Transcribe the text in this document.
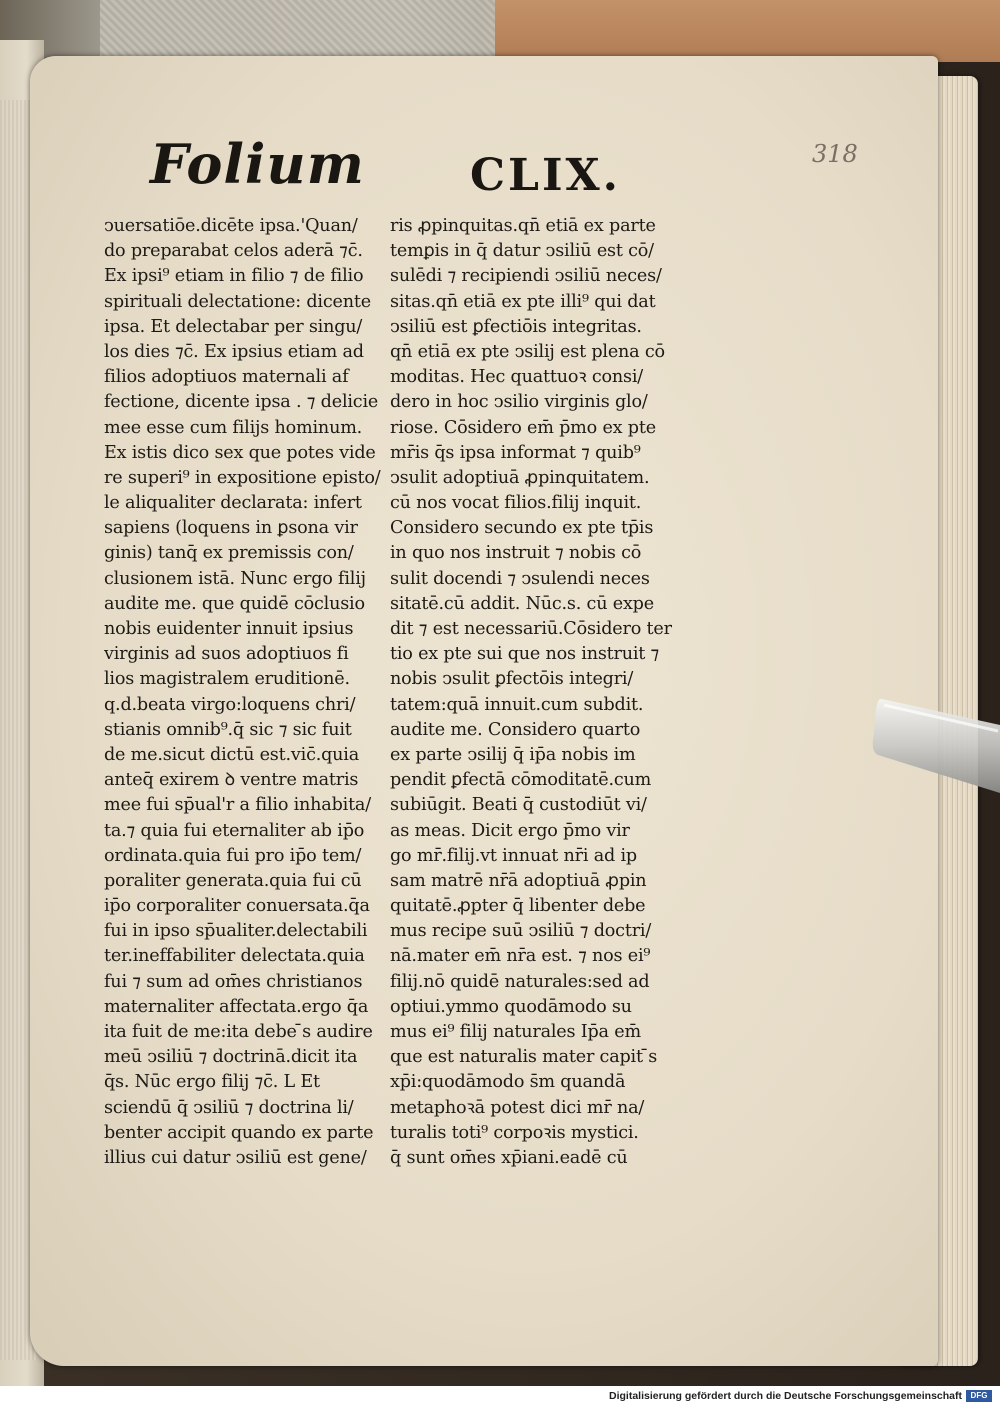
Folium CLIX.	318
ↄuersatiōe.dicēte ipsa.'Quan/
do preparabat celos aderā ⁊c̄.
Ex ipsi⁹ etiam in filio ⁊ de filio
spirituali delectatione: dicente
ipsa. Et delectabar per singu/
los dies ⁊c̄. Ex ipsius etiam ad
filios adoptiuos maternali af
fectione, dicente ipsa . ⁊ delicie
mee esse cum filijs hominum.
Ex istis dico sex que potes vide
re superi⁹ in expositione episto/
le aliqualiter declarata: infert
sapiens (loquens in ꝑsona vir
ginis) tanq̄ ex premissis con/
clusionem istā. Nunc ergo filij
audite me. que quidē cōclusio
nobis euidenter innuit ipsius
virginis ad suos adoptiuos fi
lios magistralem eruditionē.
q.d.beata virgo:loquens chri/
stianis omnib⁹.q̄ sic ⁊ sic fuit
de me.sicut dictū est.vic̄.quia
anteq̄ exirem ꝺ ventre matris
mee fui sp̄ual'r a filio inhabita/
ta.⁊ quia fui eternaliter ab ip̄o
ordinata.quia fui pro ip̄o tem/
poraliter generata.quia fui cū
ip̄o corporaliter conuersata.q̄a
fui in ipso sp̄ualiter.delectabili
ter.ineffabiliter delectata.quia
fui ⁊ sum ad om̄es christianos
maternaliter affectata.ergo q̄a
ita fuit de me:ita debe ̄s audire
meū ↄsiliū ⁊ doctrinā.dicit ita
q̄s. Nūc ergo filij ⁊c̄. L Et
sciendū q̄ ↄsiliū ⁊ doctrina li/
benter accipit quando ex parte
illius cui datur ↄsiliū est gene/
ris ꝓpinquitas.qn̄ etiā ex parte
temꝑis in q̄ datur ↄsiliū est cō/
sulēdi ⁊ recipiendi ↄsiliū neces/
sitas.qn̄ etiā ex pte illi⁹ qui dat
ↄsiliū est ꝑfectiōis integritas.
qn̄ etiā ex pte ↄsilij est plena cō
moditas. Hec quattuoꝛ consi/
dero in hoc ↄsilio virginis glo/
riose. Cōsidero em̄ p̄mo ex pte
mr̄is q̄s ipsa informat ⁊ quib⁹
ↄsulit adoptiuā ꝓpinquitatem.
cū nos vocat filios.filij inquit.
Considero secundo ex pte tp̄is
in quo nos instruit ⁊ nobis cō
sulit docendi ⁊ ↄsulendi neces
sitatē.cū addit. Nūc.s. cū expe
dit ⁊ est necessariū.Cōsidero ter
tio ex pte sui que nos instruit ⁊
nobis ↄsulit ꝑfectōis integri/
tatem:quā innuit.cum subdit.
audite me. Considero quarto
ex parte ↄsilij q̄ ip̄a nobis im
pendit ꝑfectā cōmoditatē.cum
subiūgit. Beati q̄ custodiūt vi/
as meas. Dicit ergo p̄mo vir
go mr̄.filij.vt innuat nr̄i ad ip
sam matrē nr̄ā adoptiuā ꝓpin
quitatē.ꝓpter q̄ libenter debe
mus recipe suū ↄsiliū ⁊ doctri/
nā.mater em̄ nr̄a est. ⁊ nos ei⁹
filij.nō quidē naturales:sed ad
optiui.ymmo quodāmodo su
mus ei⁹ filij naturales Ip̄a em̄
que est naturalis mater capit ̄s
xp̄i:quodāmodo s̄m quandā
metaphoꝛā potest dici mr̄ na/
turalis toti⁹ corpoꝛis mystici.
q̄ sunt om̄es xp̄iani.eadē cū
Digitalisierung gefördert durch die Deutsche Forschungsgemeinschaft	DFG
